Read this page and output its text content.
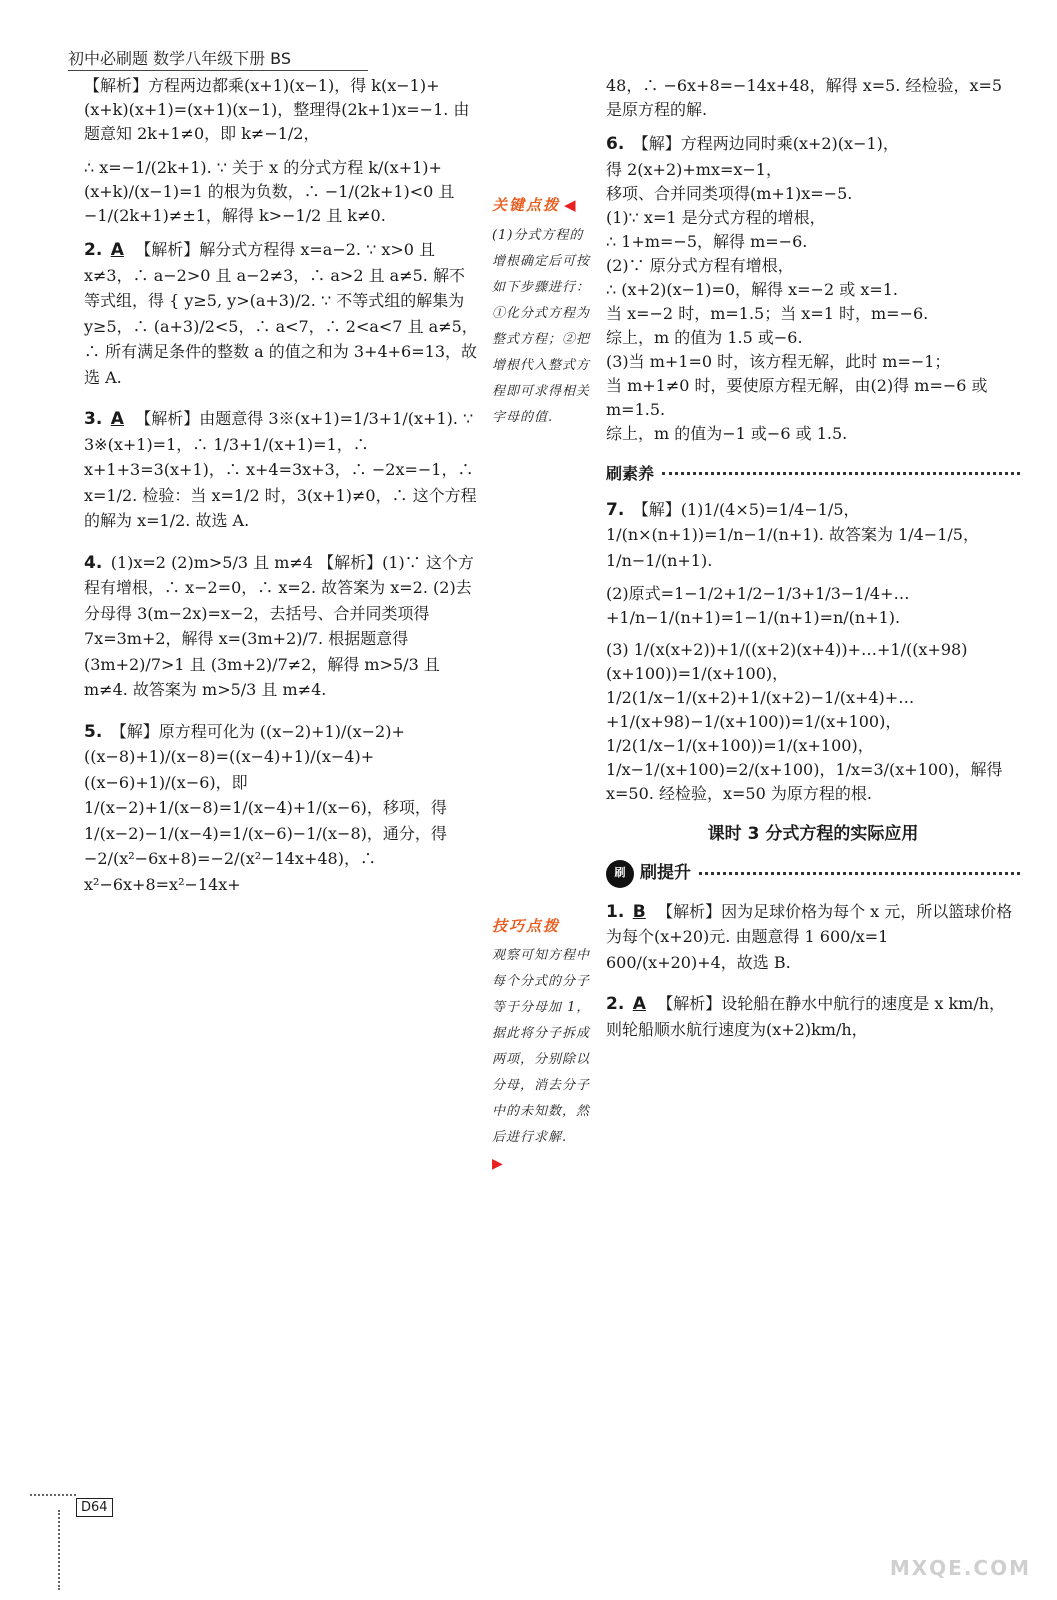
初中必刷题 数学八年级下册 BS

【解析】方程两边都乘(x+1)(x−1)，得 k(x−1)+(x+k)(x+1)=(x+1)(x−1)，整理得(2k+1)x=−1. 由题意知 2k+1≠0，即 k≠−1/2，

∴ x=−1/(2k+1). ∵ 关于 x 的分式方程 k/(x+1)+(x+k)/(x−1)=1 的根为负数，∴ −1/(2k+1)<0 且 −1/(2k+1)≠±1，解得 k>−1/2 且 k≠0.

2. A 【解析】解分式方程得 x=a−2. ∵ x>0 且 x≠3，∴ a−2>0 且 a−2≠3，∴ a>2 且 a≠5. 解不等式组，得 { y≥5, y>(a+3)/2. ∵ 不等式组的解集为 y≥5，∴ (a+3)/2<5，∴ a<7，∴ 2<a<7 且 a≠5，∴ 所有满足条件的整数 a 的值之和为 3+4+6=13，故选 A.
3. A 【解析】由题意得 3※(x+1)=1/3+1/(x+1). ∵ 3※(x+1)=1，∴ 1/3+1/(x+1)=1，∴ x+1+3=3(x+1)，∴ x+4=3x+3，∴ −2x=−1，∴ x=1/2. 检验：当 x=1/2 时，3(x+1)≠0，∴ 这个方程的解为 x=1/2. 故选 A.
4. (1)x=2 (2)m>5/3 且 m≠4 【解析】(1)∵ 这个方程有增根，∴ x−2=0，∴ x=2. 故答案为 x=2. (2)去分母得 3(m−2x)=x−2，去括号、合并同类项得 7x=3m+2，解得 x=(3m+2)/7. 根据题意得 (3m+2)/7>1 且 (3m+2)/7≠2，解得 m>5/3 且 m≠4. 故答案为 m>5/3 且 m≠4.
5. 【解】原方程可化为 ((x−2)+1)/(x−2)+((x−8)+1)/(x−8)=((x−4)+1)/(x−4)+((x−6)+1)/(x−6)，即 1/(x−2)+1/(x−8)=1/(x−4)+1/(x−6)，移项，得 1/(x−2)−1/(x−4)=1/(x−6)−1/(x−8)，通分，得 −2/(x²−6x+8)=−2/(x²−14x+48)，∴ x²−6x+8=x²−14x+
关键点拨 ◀
(1)分式方程的增根确定后可按如下步骤进行：①化分式方程为整式方程；②把增根代入整式方程即可求得相关字母的值.
技巧点拨
观察可知方程中每个分式的分子等于分母加 1，据此将分子拆成两项，分别除以分母，消去分子中的未知数，然后进行求解.
▶

48，∴ −6x+8=−14x+48，解得 x=5. 经检验，x=5 是原方程的解.

6. 【解】方程两边同时乘(x+2)(x−1)，
得 2(x+2)+mx=x−1，
移项、合并同类项得(m+1)x=−5.
(1)∵ x=1 是分式方程的增根，
∴ 1+m=−5，解得 m=−6.
(2)∵ 原分式方程有增根，
∴ (x+2)(x−1)=0，解得 x=−2 或 x=1.
当 x=−2 时，m=1.5；当 x=1 时，m=−6.
综上，m 的值为 1.5 或−6.
(3)当 m+1=0 时，该方程无解，此时 m=−1；
当 m+1≠0 时，要使原方程无解，由(2)得 m=−6 或 m=1.5.
综上，m 的值为−1 或−6 或 1.5.
刷素养
7. 【解】(1)1/(4×5)=1/4−1/5，1/(n×(n+1))=1/n−1/(n+1). 故答案为 1/4−1/5，1/n−1/(n+1).
(2)原式=1−1/2+1/2−1/3+1/3−1/4+…+1/n−1/(n+1)=1−1/(n+1)=n/(n+1).
(3) 1/(x(x+2))+1/((x+2)(x+4))+…+1/((x+98)(x+100))=1/(x+100)，1/2(1/x−1/(x+2)+1/(x+2)−1/(x+4)+…+1/(x+98)−1/(x+100))=1/(x+100)，1/2(1/x−1/(x+100))=1/(x+100)，1/x−1/(x+100)=2/(x+100)，1/x=3/(x+100)，解得 x=50. 经检验，x=50 为原方程的根.
课时 3 分式方程的实际应用
刷 刷提升
1. B 【解析】因为足球价格为每个 x 元，所以篮球价格为每个(x+20)元. 由题意得 1 600/x=1 600/(x+20)+4，故选 B.
2. A 【解析】设轮船在静水中航行的速度是 x km/h，则轮船顺水航行速度为(x+2)km/h，
D64
MXQE.COM
